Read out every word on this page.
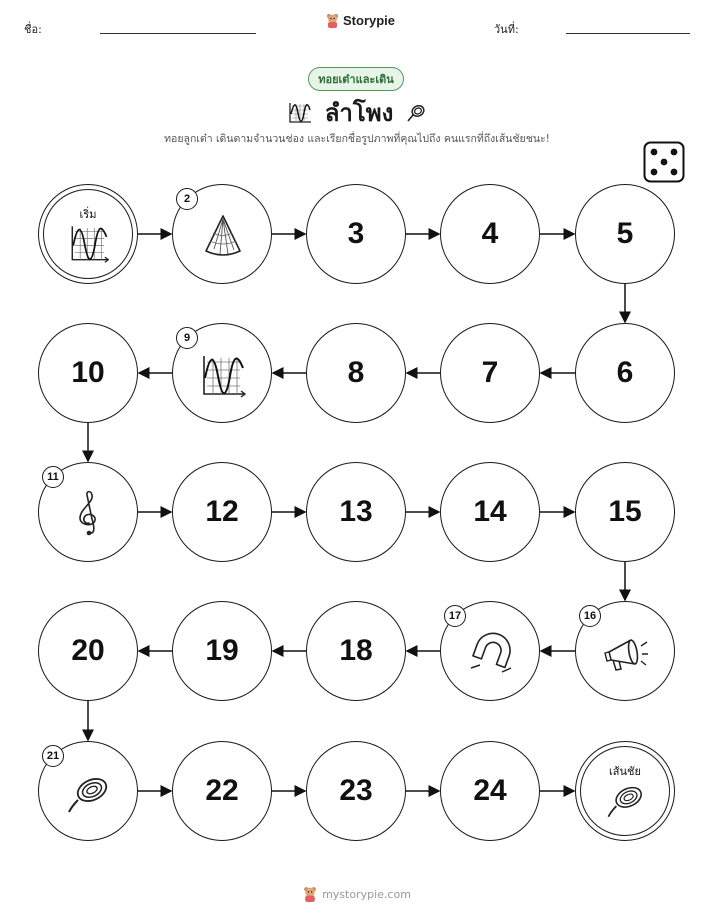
ชื่อ:
Storypie
วันที่:
ทอยเต๋าและเดิน
ลำโพง
ทอยลูกเต๋า เดินตามจำนวนช่อง และเรียกชื่อรูปภาพที่คุณไปถึง คนแรกที่ถึงเส้นชัยชนะ!
เริ่ม
2
3	4	5
6
7
8
9
10
11
12	13	14	15
16
17
18
19
20
21
22	23	24
เส้นชัย
mystorypie.com
